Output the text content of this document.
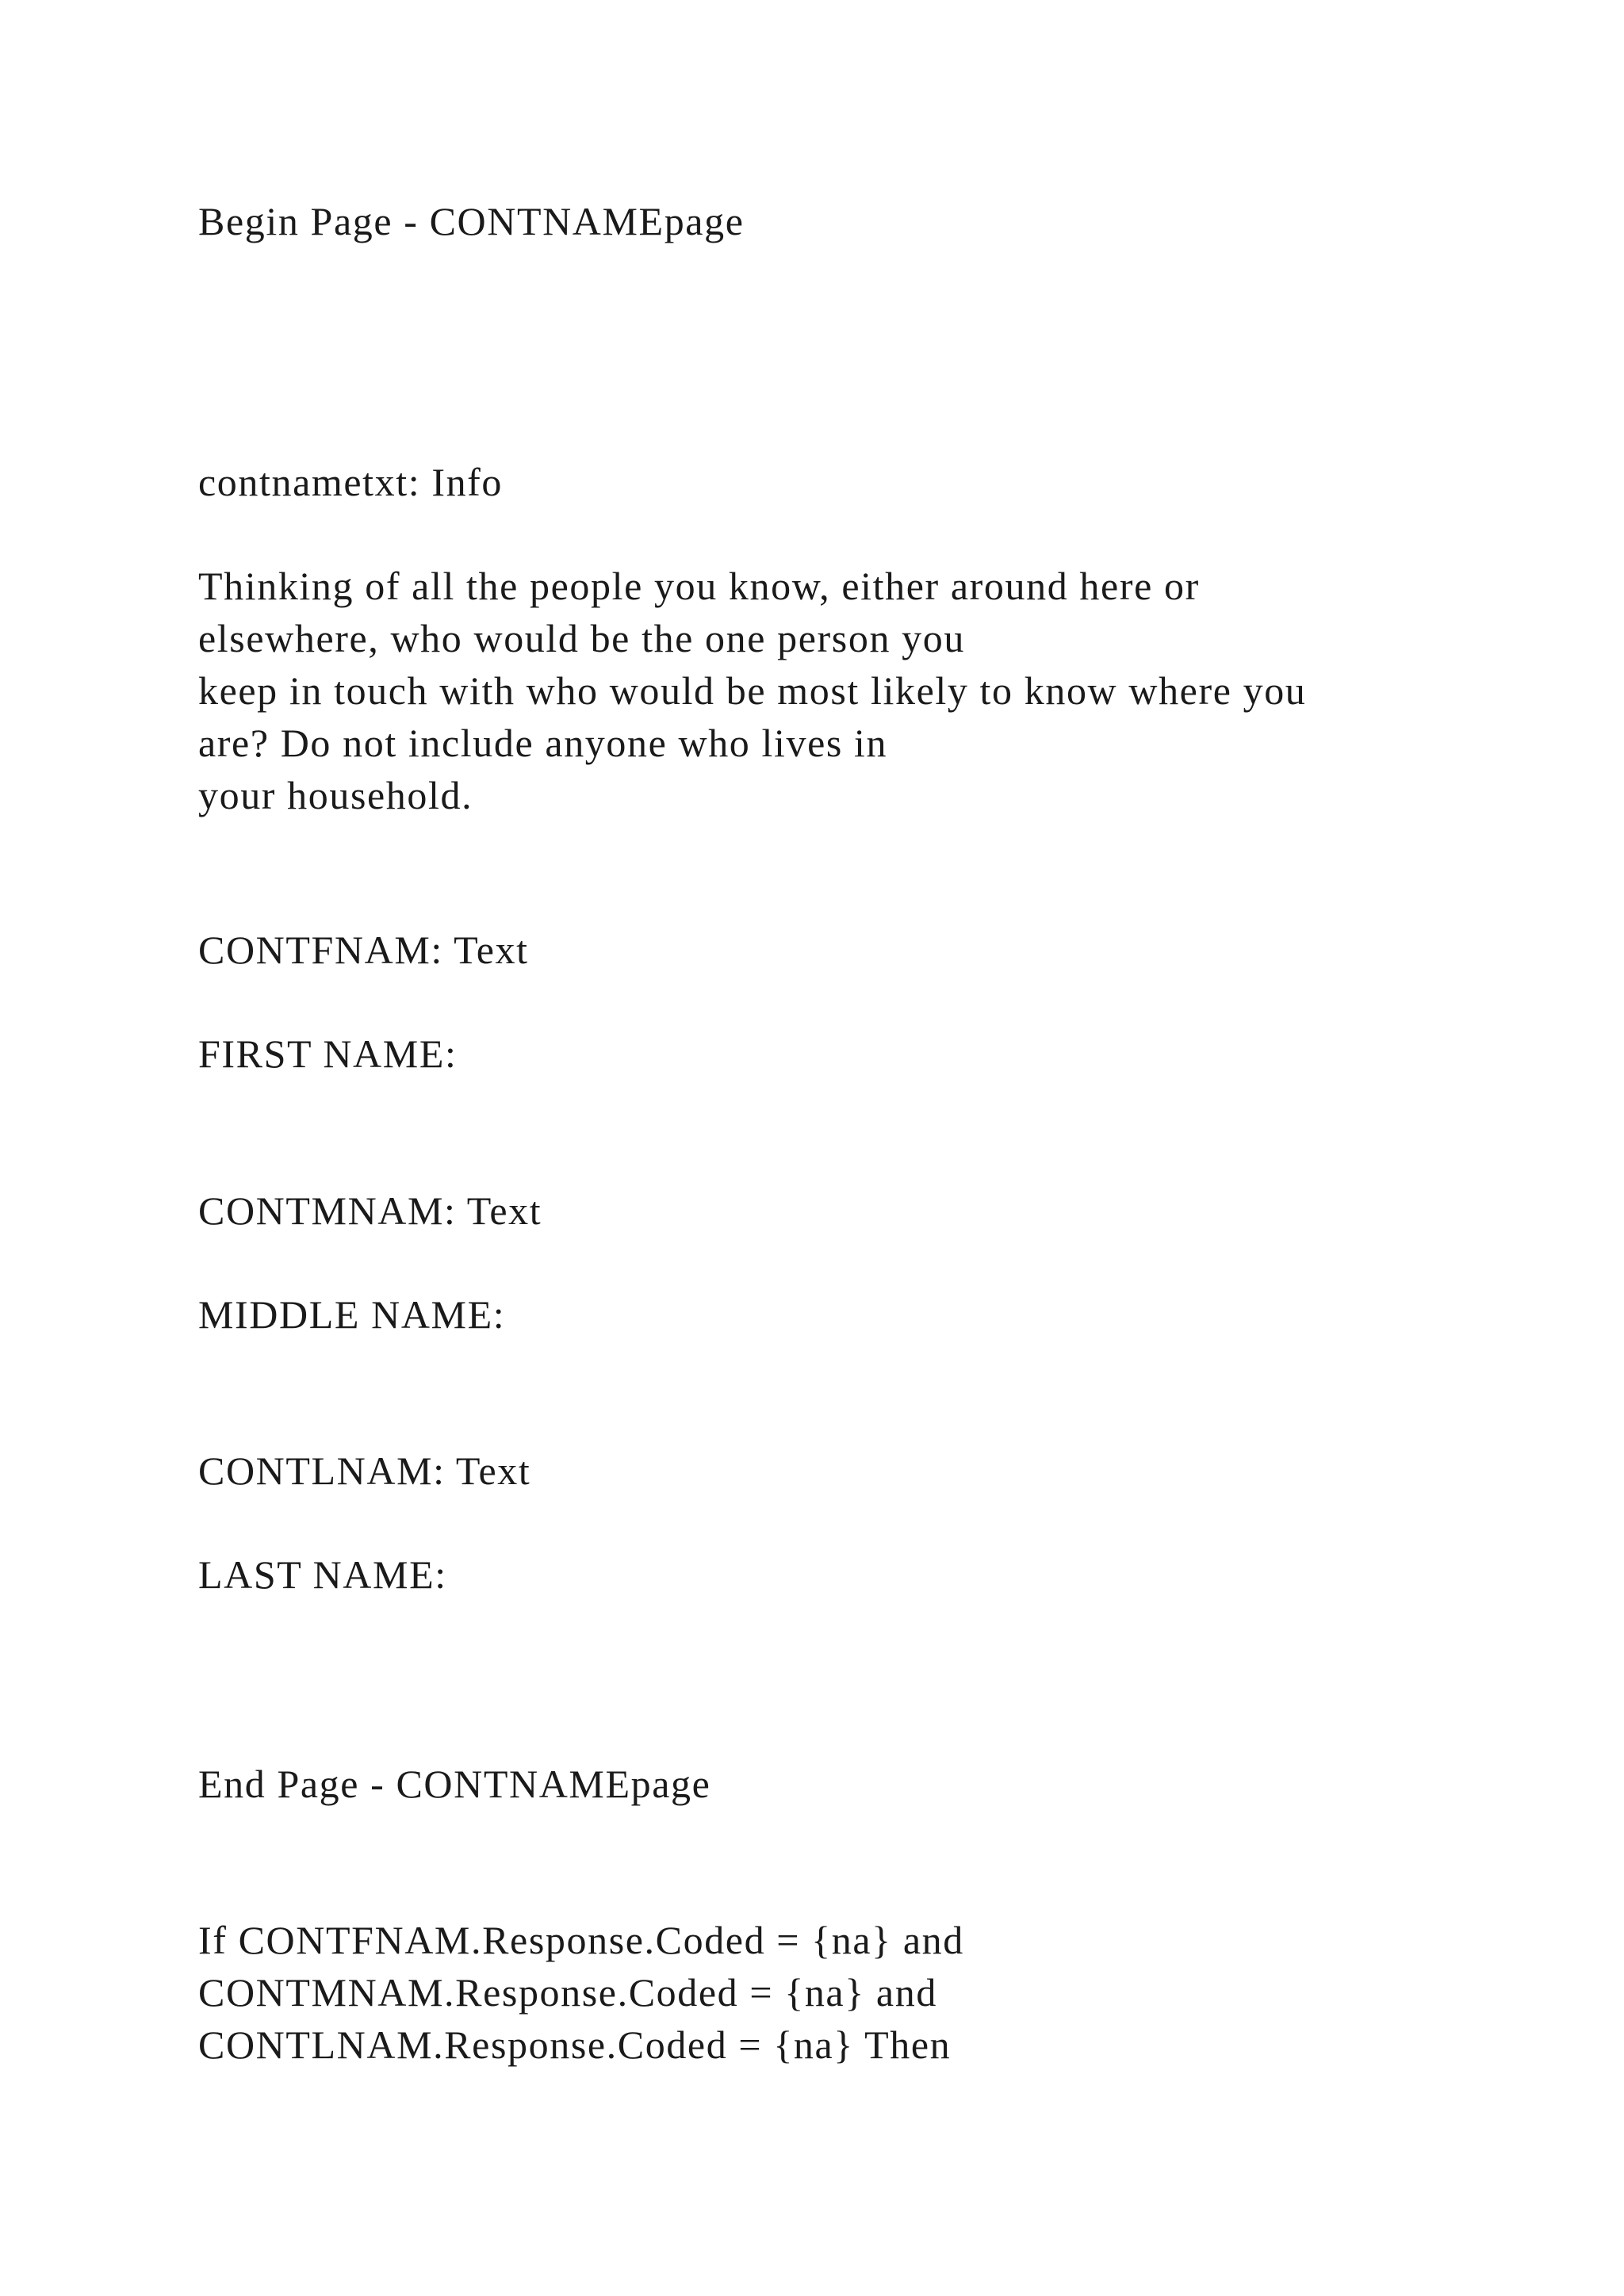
Begin Page - CONTNAMEpage

contnametxt: Info

Thinking of all the people you know, either around here or
elsewhere, who would be the one person you
keep in touch with who would be most likely to know where you
are? Do not include anyone who lives in
your household.

CONTFNAM: Text

FIRST NAME:

CONTMNAM: Text

MIDDLE NAME:

CONTLNAM: Text

LAST NAME:

End Page - CONTNAMEpage

If CONTFNAM.Response.Coded = {na} and
CONTMNAM.Response.Coded = {na} and
CONTLNAM.Response.Coded = {na} Then
